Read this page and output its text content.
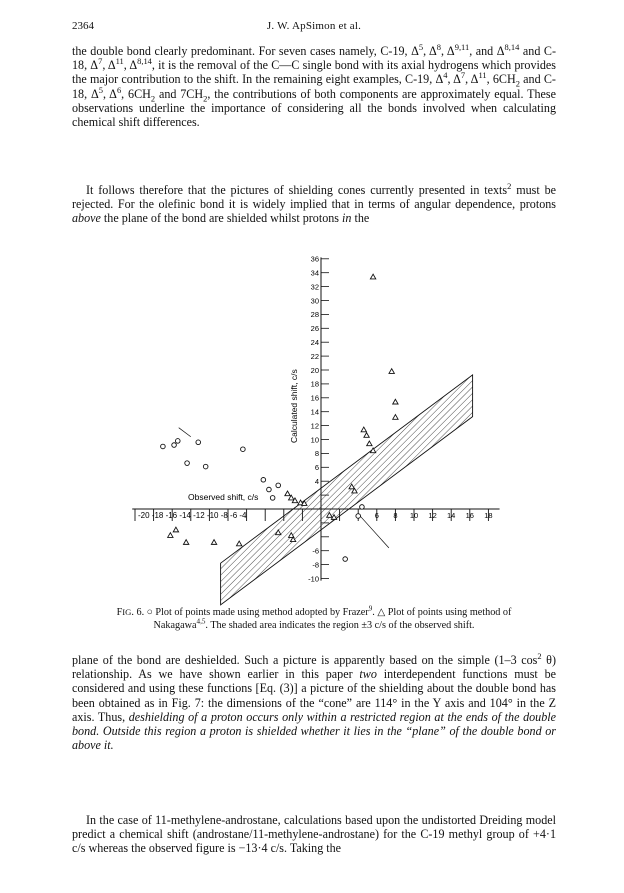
2364	J. W. ApSimon et al.

the double bond clearly predominant. For seven cases namely, C-19, $\Delta^5$, $\Delta^8$, Δ$^{9,11}$, and Δ$^{8,14}$ and C-18, $\Delta^7$, $\Delta^{11}$, Δ$^{8,14}$, it is the removal of the C—C single bond with its axial hydrogens which provides the major contribution to the shift. In the remaining eight examples, C-19, $\Delta^4$, $\Delta^7$, $\Delta^{11}$, $6CH_2$ and C-18, $\Delta^5$, $\Delta^6$, $6CH_2$ and $7CH_2$, the contributions of both components are approximately equal. These observations underline the importance of considering all the bonds involved when calculating chemical shift differences.

It follows therefore that the pictures of shielding cones currently presented in texts$^2$ must be rejected. For the olefinic bond it is widely implied that in terms of angular dependence, protons above the plane of the bond are shielded whilst protons in the

6 8 10 12 14 16 18
36
34
32
30
28
26
24
22
20
18
16
14
12
10
8
6
4
-6
-8
-10
Observed shift, c/s
-20 -18 -16 -14 -12 -10 -8 -6 -4
Calculated shift, c/s

FIG. 6. ○ Plot of points made using method adopted by Frazer$^9$. △ Plot of points using method of Nakagawa$^{4,5}$. The shaded area indicates the region ±3 c/s of the observed shift.

plane of the bond are deshielded. Such a picture is apparently based on the simple (1–3 $\cos^2 \theta$) relationship. As we have shown earlier in this paper two interdependent functions must be considered and using these functions [Eq. (3)] a picture of the shielding about the double bond has been obtained as in Fig. 7: the dimensions of the “cone” are 114° in the Y axis and 104° in the Z axis. Thus, deshielding of a proton occurs only within a restricted region at the ends of the double bond. Outside this region a proton is shielded whether it lies in the “plane” of the double bond or above it.

In the case of 11-methylene-androstane, calculations based upon the undistorted Dreiding model predict a chemical shift (androstane/11-methylene-androstane) for the C-19 methyl group of +4·1 c/s whereas the observed figure is −13·4 c/s. Taking the
